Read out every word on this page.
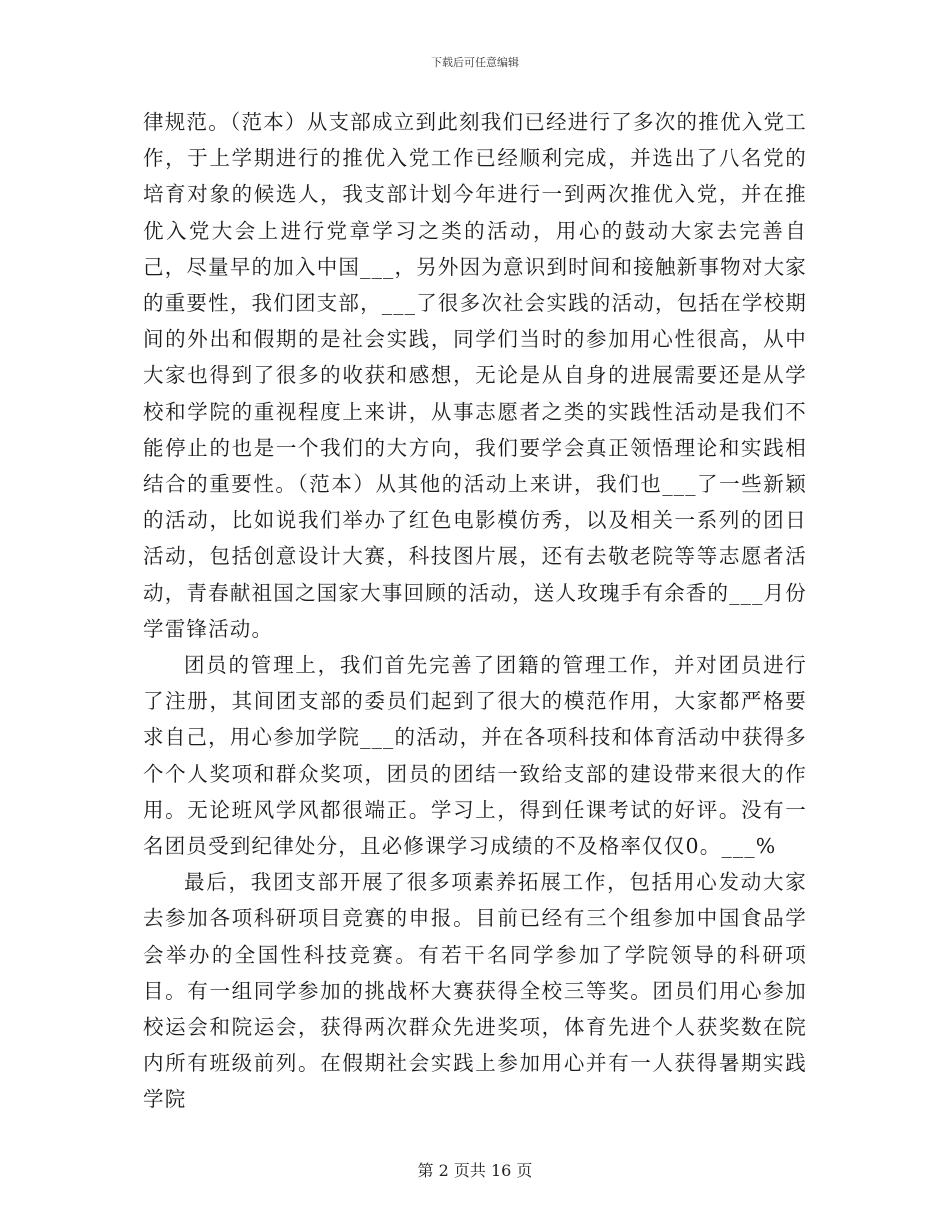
下载后可任意编辑

律规范。（范本）从支部成立到此刻我们已经进行了多次的推优入党工作，于上学期进行的推优入党工作已经顺利完成，并选出了八名党的培育对象的候选人，我支部计划今年进行一到两次推优入党，并在推优入党大会上进行党章学习之类的活动，用心的鼓动大家去完善自己，尽量早的加入中国___，另外因为意识到时间和接触新事物对大家的重要性，我们团支部，___了很多次社会实践的活动，包括在学校期间的外出和假期的是社会实践，同学们当时的参加用心性很高，从中大家也得到了很多的收获和感想，无论是从自身的进展需要还是从学校和学院的重视程度上来讲，从事志愿者之类的实践性活动是我们不能停止的也是一个我们的大方向，我们要学会真正领悟理论和实践相结合的重要性。（范本）从其他的活动上来讲，我们也___了一些新颖的活动，比如说我们举办了红色电影模仿秀，以及相关一系列的团日活动，包括创意设计大赛，科技图片展，还有去敬老院等等志愿者活动，青春献祖国之国家大事回顾的活动，送人玫瑰手有余香的___月份学雷锋活动。

团员的管理上，我们首先完善了团籍的管理工作，并对团员进行了注册，其间团支部的委员们起到了很大的模范作用，大家都严格要求自己，用心参加学院___的活动，并在各项科技和体育活动中获得多个个人奖项和群众奖项，团员的团结一致给支部的建设带来很大的作用。无论班风学风都很端正。学习上，得到任课考试的好评。没有一名团员受到纪律处分，且必修课学习成绩的不及格率仅仅0。___%

最后，我团支部开展了很多项素养拓展工作，包括用心发动大家去参加各项科研项目竞赛的申报。目前已经有三个组参加中国食品学会举办的全国性科技竞赛。有若干名同学参加了学院领导的科研项目。有一组同学参加的挑战杯大赛获得全校三等奖。团员们用心参加校运会和院运会，获得两次群众先进奖项，体育先进个人获奖数在院内所有班级前列。在假期社会实践上参加用心并有一人获得暑期实践学院

第 2 页共 16 页
